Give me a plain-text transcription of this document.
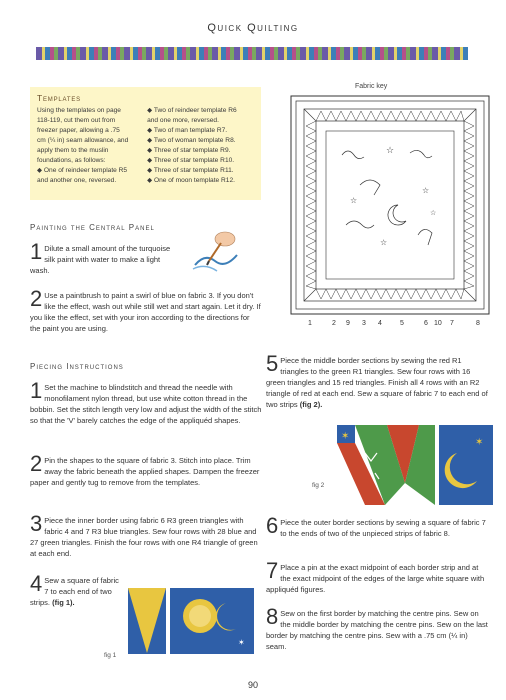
Quick Quilting
Templates
Using the templates on page
118-119, cut them out from
freezer paper, allowing a .75
cm (¼ in) seam allowance, and
apply them to the muslin
foundations, as follows:
◆ One of reindeer template R5
and another one, reversed.
◆ Two of reindeer template R6
and one more, reversed.
◆ Two of man template R7.
◆ Two of woman template R8.
◆ Three of star template R9.
◆ Three of star template R10.
◆ Three of star template R11.
◆ One of moon template R12.
Painting the Central Panel
1 Dilute a small amount of the turquoise silk paint with water to make a light wash.
2 Use a paintbrush to paint a swirl of blue on fabric 3. If you don't like the effect, wash out while still wet and start again. Let it dry. If you like the effect, set with your iron according to the directions for the paint you are using.
Piecing Instructions
1 Set the machine to blindstitch and thread the needle with monofilament nylon thread, but use white cotton thread in the bobbin. Set the stitch length very low and adjust the width of the stitch so that the 'V' barely catches the edge of the appliquéd shapes.
2 Pin the shapes to the square of fabric 3. Stitch into place. Trim away the fabric beneath the applied shapes. Dampen the freezer paper and gently tug to remove from the templates.
3 Piece the inner border using fabric 6 R3 green triangles with fabric 4 and 7 R3 blue triangles. Sew four rows with 28 blue and 27 green triangles. Finish the four rows with one R4 triangle of green at each end.
4 Sew a square of fabric 7 to each end of two strips. (fig 1).
✶
fig 1
Fabric key
☆
☆
☆
☆
☆
1	2 9 3 4	5	6 10 7	8
5 Piece the middle border sections by sewing the red R1 triangles to the green R1 triangles. Sew four rows with 16 green triangles and 15 red triangles. Finish all 4 rows with an R2 triangle of red at each end. Sew a square of fabric 7 to each end of two strips (fig 2).
fig 2
✶
✶
6 Piece the outer border sections by sewing a square of fabric 7 to the ends of two of the unpieced strips of fabric 8.
7 Place a pin at the exact midpoint of each border strip and at the exact midpoint of the edges of the large white square with appliquéd figures.
8 Sew on the first border by matching the centre pins. Sew on the middle border by matching the centre pins. Sew on the last border by matching the centre pins. Sew with a .75 cm (¼ in) seam.
90
